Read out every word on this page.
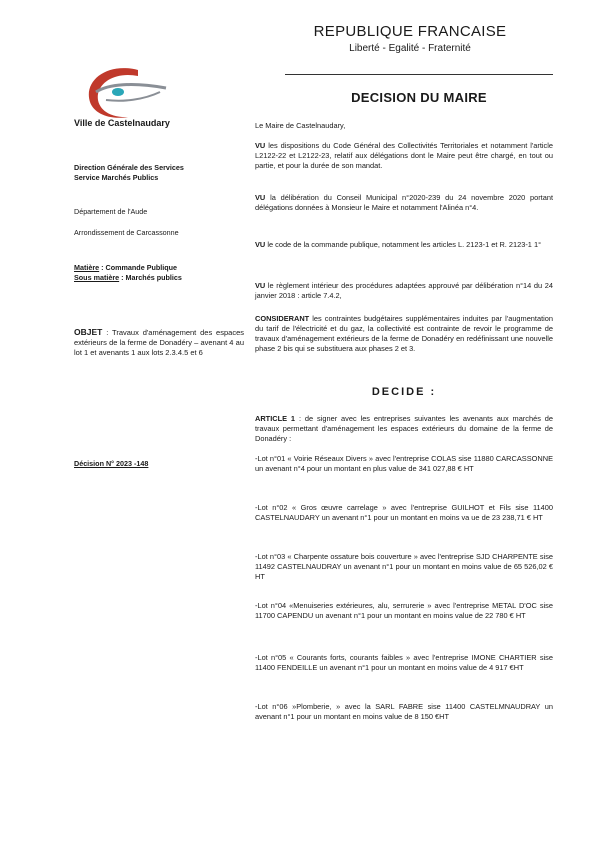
REPUBLIQUE FRANCAISE
Liberté - Egalité - Fraternité
DECISION DU MAIRE
Ville de Castelnaudary
Direction Générale des Services
Service Marchés Publics
Département de l'Aude
Arrondissement de Carcassonne
Matière : Commande Publique
Sous matière : Marchés publics
OBJET : Travaux d'aménagement des espaces extérieurs de la ferme de Donadéry – avenant 4 au lot 1 et avenants 1 aux lots 2.3.4.5 et 6
Décision N° 2023 -148
Le Maire de Castelnaudary,
VU les dispositions du Code Général des Collectivités Territoriales et notamment l'article L2122-22 et L2122-23, relatif aux délégations dont le Maire peut être chargé, en tout ou partie, et pour la durée de son mandat.
VU la délibération du Conseil Municipal n°2020-239 du 24 novembre 2020 portant délégations données à Monsieur le Maire et notamment l'Alinéa n°4.
VU le code de la commande publique, notamment les articles L. 2123-1 et R. 2123-1 1°
VU le règlement intérieur des procédures adaptées approuvé par délibération n°14 du 24 janvier 2018 : article 7.4.2,
CONSIDERANT les contraintes budgétaires supplémentaires induites par l'augmentation du tarif de l'électricité et du gaz, la collectivité est contrainte de revoir le programme de travaux d'aménagement extérieurs de la ferme de Donadéry en redéfinissant une nouvelle phase 2 bis qui se substituera aux phases 2 et 3.
DECIDE :
ARTICLE 1 : de signer avec les entreprises suivantes les avenants aux marchés de travaux permettant d'aménagement les espaces extérieurs du domaine de la ferme de Donadéry :
-Lot n°01 « Voirie Réseaux Divers » avec l'entreprise COLAS sise 11880 CARCASSONNE un avenant n°4 pour un montant en plus value de 341 027,88 € HT
-Lot n°02 « Gros œuvre carrelage » avec l'entreprise GUILHOT et Fils sise 11400 CASTELNAUDARY un avenant n°1 pour un montant en moins va ue de 23 238,71 € HT
-Lot n°03 « Charpente ossature bois couverture » avec l'entreprise SJD CHARPENTE sise 11492 CASTELNAUDRAY un avenant n°1 pour un montant en moins value de 65 526,02 € HT
-Lot n°04 «Menuiseries extérieures, alu, serrurerie » avec l'entreprise METAL D'OC sise 11700 CAPENDU un avenant n°1 pour un montant en moins value de 22 780 € HT
-Lot n°05 « Courants forts, courants faibles » avec l'entreprise IMONE CHARTIER sise 11400 FENDEILLE un avenant n°1 pour un montant en moins value de 4 917 €HT
-Lot n°06 »Plomberie, » avec la SARL FABRE sise 11400 CASTELMNAUDRAY un avenant n°1 pour un montant en moins value de 8 150 €HT
